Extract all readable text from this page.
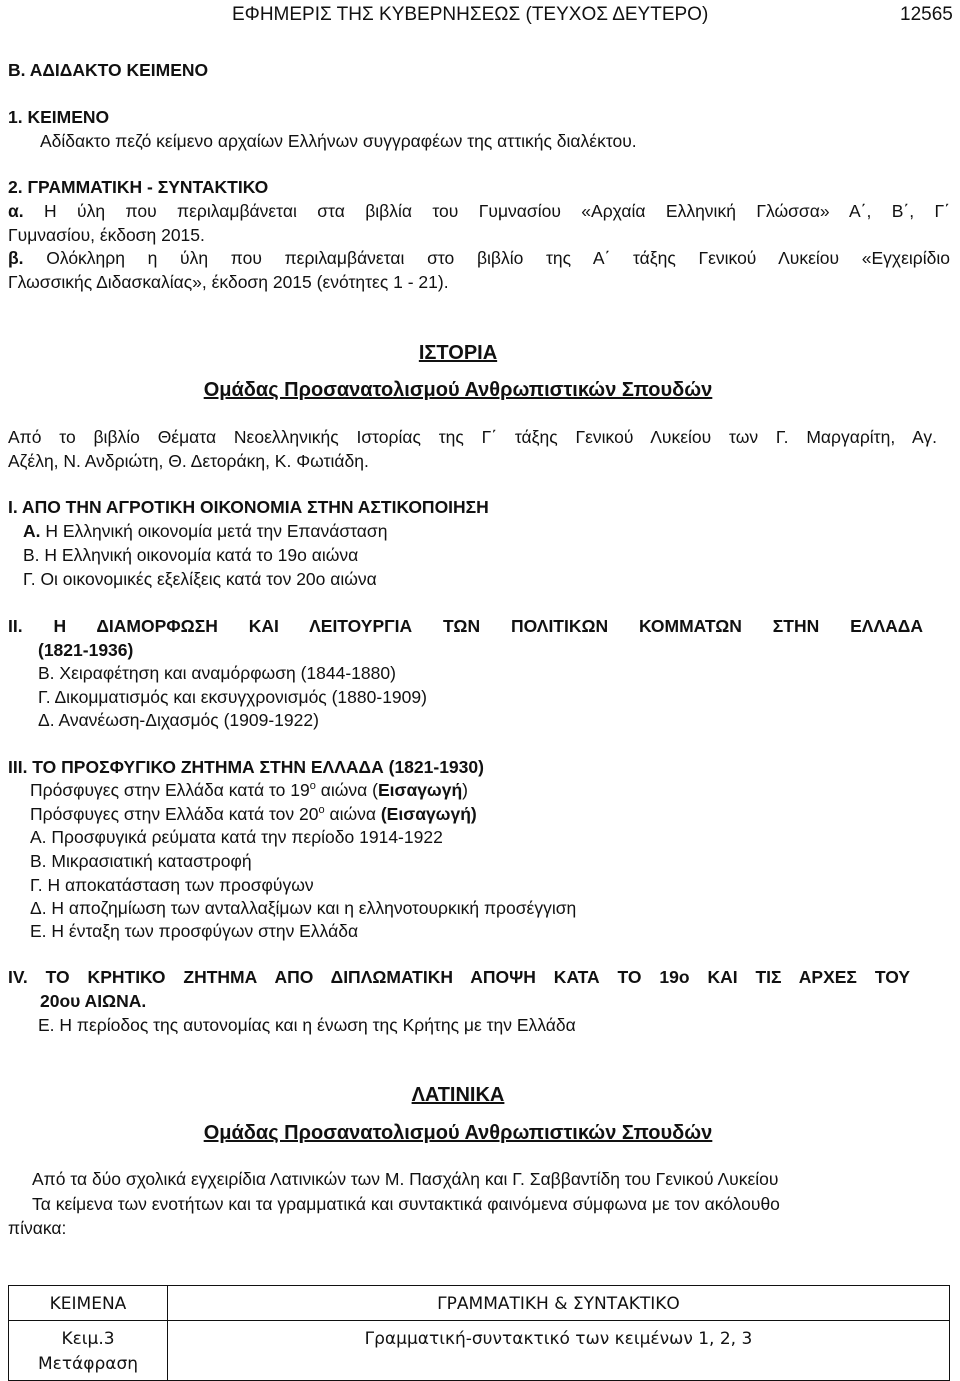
ΕΦΗΜΕΡΙΣ ΤΗΣ ΚΥΒΕΡΝΗΣΕΩΣ (ΤΕΥΧΟΣ ΔΕΥΤΕΡΟ)	12565
Β. ΑΔΙΔΑΚΤΟ ΚΕΙΜΕΝΟ
1. ΚΕΙΜΕΝΟ
Αδίδακτο πεζό κείμενο αρχαίων Ελλήνων συγγραφέων της αττικής διαλέκτου.
2. ΓΡΑΜΜΑΤΙΚΗ - ΣΥΝΤΑΚΤΙΚΟ
α. Η ύλη που περιλαμβάνεται στα βιβλία του Γυμνασίου «Αρχαία Ελληνική Γλώσσα» Α΄, Β΄, Γ΄
Γυμνασίου, έκδοση 2015.
β. Ολόκληρη η ύλη που περιλαμβάνεται στο βιβλίο της Α΄ τάξης Γενικού Λυκείου «Εγχειρίδιο
Γλωσσικής Διδασκαλίας», έκδοση 2015 (ενότητες 1 - 21).
ΙΣΤΟΡΙΑ
Ομάδας Προσανατολισμού Ανθρωπιστικών Σπουδών
Από το βιβλίο Θέματα Νεοελληνικής Ιστορίας της Γ΄ τάξης Γενικού Λυκείου των Γ. Μαργαρίτη, Αγ.
Αζέλη, Ν. Ανδριώτη, Θ. Δετοράκη, Κ. Φωτιάδη.
Ι. ΑΠΟ ΤΗΝ ΑΓΡΟΤΙΚΗ ΟΙΚΟΝΟΜΙΑ ΣΤΗΝ ΑΣΤΙΚΟΠΟΙΗΣΗ
Α. Η Ελληνική οικονομία μετά την Επανάσταση
Β. Η Ελληνική οικονομία κατά το 19ο αιώνα
Γ. Οι οικονομικές εξελίξεις κατά τον 20ο αιώνα
ΙΙ. Η ΔΙΑΜΟΡΦΩΣΗ ΚΑΙ ΛΕΙΤΟΥΡΓΙΑ ΤΩΝ ΠΟΛΙΤΙΚΩΝ ΚΟΜΜΑΤΩΝ ΣΤΗΝ ΕΛΛΑΔΑ
(1821-1936)
Β. Χειραφέτηση και αναμόρφωση (1844-1880)
Γ. Δικομματισμός και εκσυγχρονισμός (1880-1909)
Δ. Ανανέωση-Διχασμός (1909-1922)
ΙΙΙ. ΤΟ ΠΡΟΣΦΥΓΙΚΟ ΖΗΤΗΜΑ ΣΤΗΝ ΕΛΛΑΔΑ (1821-1930)
Πρόσφυγες στην Ελλάδα κατά το $19^o$ αιώνα (Εισαγωγή)
Πρόσφυγες στην Ελλάδα κατά τον $20^o$ αιώνα (Εισαγωγή)
Α. Προσφυγικά ρεύματα κατά την περίοδο 1914-1922
Β. Μικρασιατική καταστροφή
Γ. Η αποκατάσταση των προσφύγων
Δ. Η αποζημίωση των ανταλλαξίμων και η ελληνοτουρκική προσέγγιση
Ε. Η ένταξη των προσφύγων στην Ελλάδα
IV. ΤΟ ΚΡΗΤΙΚΟ ΖΗΤΗΜΑ ΑΠΟ ΔΙΠΛΩΜΑΤΙΚΗ ΑΠΟΨΗ ΚΑΤΑ ΤΟ 19ο ΚΑΙ ΤΙΣ ΑΡΧΕΣ ΤΟΥ
20ου ΑΙΩΝΑ.
Ε. Η περίοδος της αυτονομίας και η ένωση της Κρήτης με την Ελλάδα
ΛΑΤΙΝΙΚΑ
Ομάδας Προσανατολισμού Ανθρωπιστικών Σπουδών
Από τα δύο σχολικά εγχειρίδια Λατινικών των Μ. Πασχάλη και Γ. Σαββαντίδη του Γενικού Λυκείου
Τα κείμενα των ενοτήτων και τα γραμματικά και συντακτικά φαινόμενα σύμφωνα με τον ακόλουθο
πίνακα:
ΚΕΙΜΕΝΑ	ΓΡΑΜΜΑΤΙΚΗ & ΣΥΝΤΑΚΤΙΚΟ

Κειμ.3
Μετάφραση	Γραμματική-συντακτικό των κειμένων 1, 2, 3
